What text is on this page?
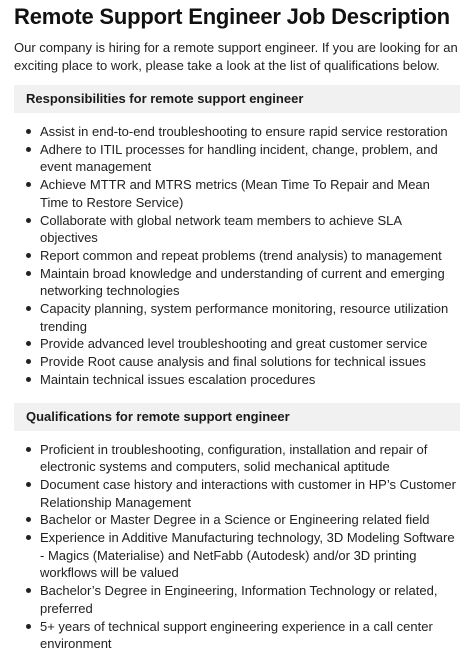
Remote Support Engineer Job Description

Our company is hiring for a remote support engineer. If you are looking for an exciting place to work, please take a look at the list of qualifications below.

Responsibilities for remote support engineer
Assist in end-to-end troubleshooting to ensure rapid service restoration
Adhere to ITIL processes for handling incident, change, problem, and event management
Achieve MTTR and MTRS metrics (Mean Time To Repair and Mean Time to Restore Service)
Collaborate with global network team members to achieve SLA objectives
Report common and repeat problems (trend analysis) to management
Maintain broad knowledge and understanding of current and emerging networking technologies
Capacity planning, system performance monitoring, resource utilization trending
Provide advanced level troubleshooting and great customer service
Provide Root cause analysis and final solutions for technical issues
Maintain technical issues escalation procedures
Qualifications for remote support engineer
Proficient in troubleshooting, configuration, installation and repair of electronic systems and computers, solid mechanical aptitude
Document case history and interactions with customer in HP’s Customer Relationship Management
Bachelor or Master Degree in a Science or Engineering related field
Experience in Additive Manufacturing technology, 3D Modeling Software - Magics (Materialise) and NetFabb (Autodesk) and/or 3D printing workflows will be valued
Bachelor’s Degree in Engineering, Information Technology or related, preferred
5+ years of technical support engineering experience in a call center environment
